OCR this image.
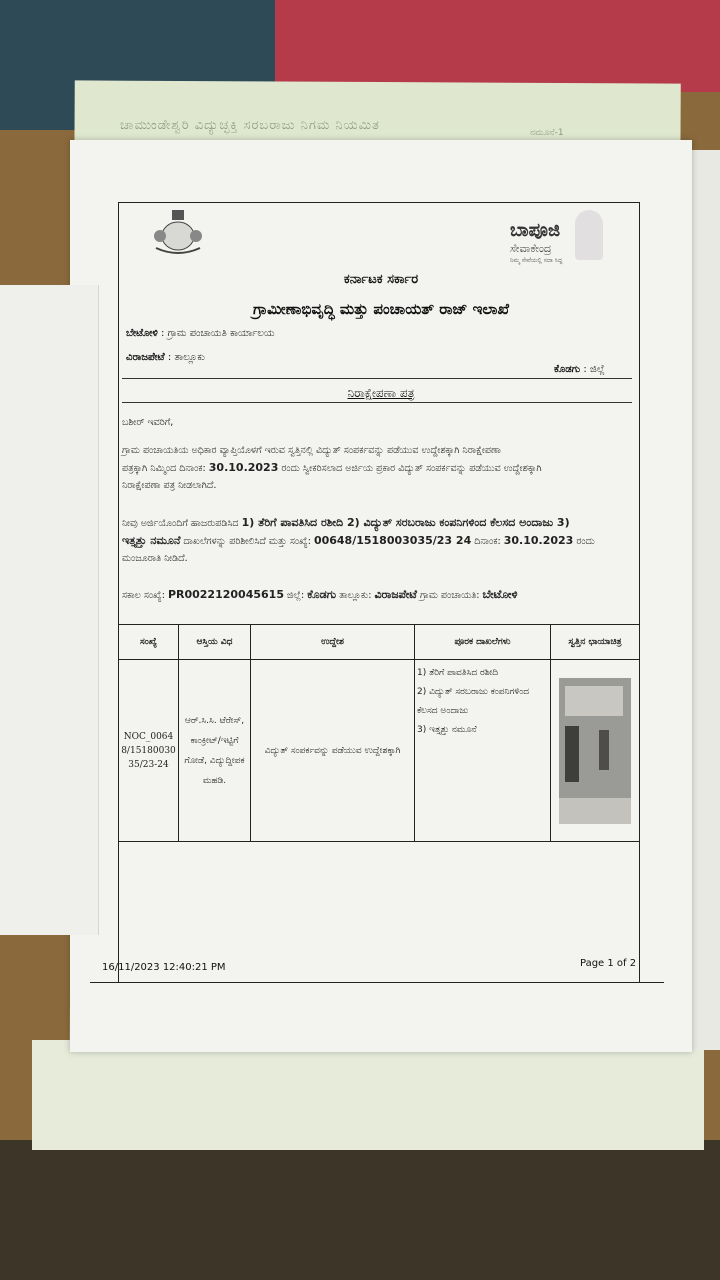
ಚಾಮುಂಡೇಶ್ವರಿ ವಿದ್ಯುಚ್ಛಕ್ತಿ ಸರಬರಾಜು ನಿಗಮ ನಿಯಮಿತ	ನಮೂನೆ-1
ಬಾಪೂಜಿ
ಸೇವಾಕೇಂದ್ರ
ನಿಮ್ಮ ಸೇವೆಯಲ್ಲಿ ಸದಾ ಸಿದ್ಧ
ಕರ್ನಾಟಕ ಸರ್ಕಾರ
ಗ್ರಾಮೀಣಾಭಿವೃದ್ಧಿ ಮತ್ತು ಪಂಚಾಯತ್ ರಾಜ್ ಇಲಾಖೆ
ಬೇಟೋಳಿ : ಗ್ರಾಮ ಪಂಚಾಯತಿ ಕಾರ್ಯಾಲಯ
ವಿರಾಜಪೇಟೆ : ತಾಲ್ಲೂಕು
ಕೊಡಗು : ಜಿಲ್ಲೆ
ನಿರಾಕ್ಷೇಪಣಾ ಪತ್ರ
ಬಶೀರ್ ಇವರಿಗೆ,
ಗ್ರಾಮ ಪಂಚಾಯತಿಯ ಅಧಿಕಾರ ವ್ಯಾಪ್ತಿಯೊಳಗೆ ಇರುವ ಸ್ವತ್ತಿನಲ್ಲಿ ವಿದ್ಯುತ್ ಸಂಪರ್ಕವನ್ನು ಪಡೆಯುವ ಉದ್ದೇಶಕ್ಕಾಗಿ ನಿರಾಕ್ಷೇಪಣಾ
ಪತ್ರಕ್ಕಾಗಿ ನಿಮ್ಮಿಂದ ದಿನಾಂಕ: 30.10.2023 ರಂದು ಸ್ವೀಕರಿಸಲಾದ ಅರ್ಜಿಯ ಪ್ರಕಾರ ವಿದ್ಯುತ್ ಸಂಪರ್ಕವನ್ನು ಪಡೆಯುವ ಉದ್ದೇಶಕ್ಕಾಗಿ
ನಿರಾಕ್ಷೇಪಣಾ ಪತ್ರ ನೀಡಲಾಗಿದೆ.
ನೀವು ಅರ್ಜಿಯೊಂದಿಗೆ ಹಾಜರುಪಡಿಸಿದ 1) ತೆರಿಗೆ ಪಾವತಿಸಿದ ರಶೀದಿ 2) ವಿದ್ಯುತ್ ಸರಬರಾಜು ಕಂಪನಿಗಳಿಂದ ಕೆಲಸದ ಅಂದಾಜು 3)
ಇತ್ತೃತ್ತು ನಮೂನೆ ದಾಖಲೆಗಳನ್ನು ಪರಿಶೀಲಿಸಿದೆ ಮತ್ತು ಸಂಖ್ಯೆ: 00648/1518003035/23 24 ದಿನಾಂಕ: 30.10.2023 ರಂದು
ಮಂಜೂರಾತಿ ನೀಡಿದೆ.
ಸಕಾಲ ಸಂಖ್ಯೆ: PR0022120045615 ಜಿಲ್ಲೆ: ಕೊಡಗು ತಾಲ್ಲೂಕು: ವಿರಾಜಪೇಟೆ ಗ್ರಾಮ ಪಂಚಾಯತಿ: ಬೇಟೋಳಿ
ಸಂಖ್ಯೆ	ಆಸ್ತಿಯ ವಿಧ	ಉದ್ದೇಶ	ಪೂರಕ ದಾಖಲೆಗಳು	ಸ್ವತ್ತಿನ ಛಾಯಾಚಿತ್ರ
NOC_00648/1518003035/23-24	ಆರ್.ಸಿ.ಸಿ. ಟೆರೇಸ್, ಕಾಂಕ್ರೀಟ್/ಇಟ್ಟಿಗೆ ಗೋಡೆ, ವಿದ್ಯುದ್ದೀಪಕ ಮಹಡಿ.	ವಿದ್ಯುತ್ ಸಂಪರ್ಕವನ್ನು ಪಡೆಯುವ ಉದ್ದೇಶಕ್ಕಾಗಿ	1) ತೆರಿಗೆ ಪಾವತಿಸಿದ ರಶೀದಿ
2) ವಿದ್ಯುತ್ ಸರಬರಾಜು ಕಂಪನಿಗಳಿಂದ ಕೆಲಸದ ಅಂದಾಜು
3) ಇತ್ತೃತ್ತು ನಮೂನೆ	

16/11/2023 12:40:21 PM	Page 1 of 2
